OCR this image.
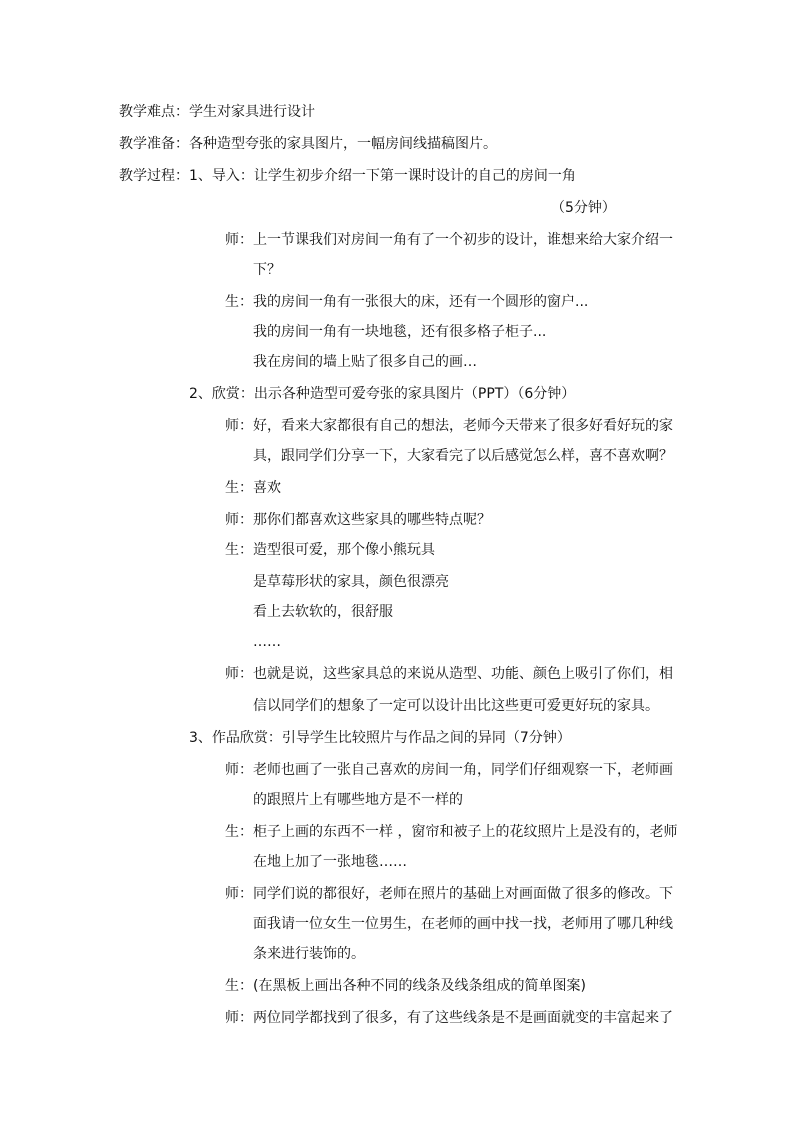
教学难点：学生对家具进行设计
教学准备：各种造型夸张的家具图片，一幅房间线描稿图片。
教学过程：1、导入：让学生初步介绍一下第一课时设计的自己的房间一角
（5分钟）
师：上一节课我们对房间一角有了一个初步的设计，谁想来给大家介绍一
下？
生：我的房间一角有一张很大的床，还有一个圆形的窗户...
我的房间一角有一块地毯，还有很多格子柜子...
我在房间的墙上贴了很多自己的画…
2、欣赏：出示各种造型可爱夸张的家具图片（PPT）（6分钟）
师：好，看来大家都很有自己的想法，老师今天带来了很多好看好玩的家
具，跟同学们分享一下，大家看完了以后感觉怎么样，喜不喜欢啊？
生：喜欢
师：那你们都喜欢这些家具的哪些特点呢？
生：造型很可爱，那个像小熊玩具
是草莓形状的家具，颜色很漂亮
看上去软软的，很舒服
……
师：也就是说，这些家具总的来说从造型、功能、颜色上吸引了你们，相
信以同学们的想象了一定可以设计出比这些更可爱更好玩的家具。
3、作品欣赏：引导学生比较照片与作品之间的异同（7分钟）
师：老师也画了一张自己喜欢的房间一角，同学们仔细观察一下，老师画
的跟照片上有哪些地方是不一样的
生：柜子上画的东西不一样 ，窗帘和被子上的花纹照片上是没有的，老师
在地上加了一张地毯……
师：同学们说的都很好，老师在照片的基础上对画面做了很多的修改。下
面我请一位女生一位男生，在老师的画中找一找，老师用了哪几种线
条来进行装饰的。
生：(在黑板上画出各种不同的线条及线条组成的简单图案)
师：两位同学都找到了很多，有了这些线条是不是画面就变的丰富起来了
